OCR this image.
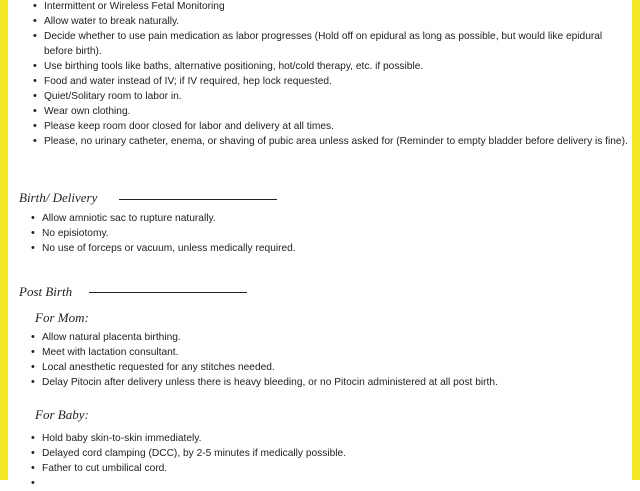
• Intermittent or Wireless Fetal Monitoring
• Allow water to break naturally.
• Decide whether to use pain medication as labor progresses (Hold off on epidural as long as possible, but would like epidural before birth).
• Use birthing tools like baths, alternative positioning, hot/cold therapy, etc. if possible.
• Food and water instead of IV; if IV required, hep lock requested.
• Quiet/Solitary room to labor in.
• Wear own clothing.
• Please keep room door closed for labor and delivery at all times.
• Please, no urinary catheter, enema, or shaving of pubic area unless asked for (Reminder to empty bladder before delivery is fine).
Birth/ Delivery
• Allow amniotic sac to rupture naturally.
• No episiotomy.
• No use of forceps or vacuum, unless medically required.
Post Birth
For Mom:
• Allow natural placenta birthing.
• Meet with lactation consultant.
• Local anesthetic requested for any stitches needed.
• Delay Pitocin after delivery unless there is heavy bleeding, or no Pitocin administered at all post birth.
For Baby:
• Hold baby skin-to-skin immediately.
• Delayed cord clamping (DCC), by 2-5 minutes if medically possible.
• Father to cut umbilical cord.
